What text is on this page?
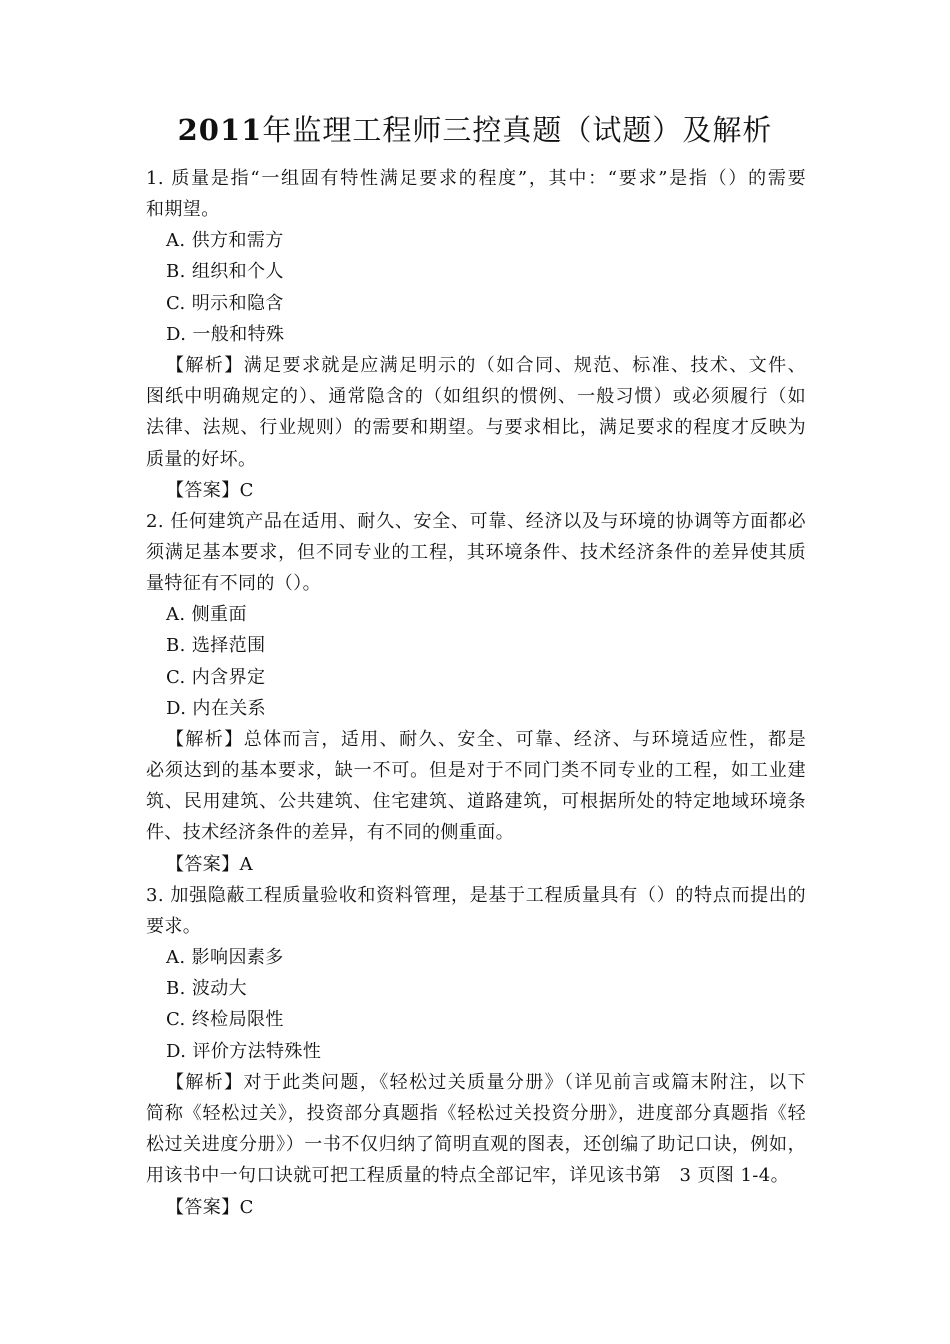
2011年监理工程师三控真题（试题）及解析
1. 质量是指“一组固有特性满足要求的程度”，其中：“要求”是指（）的需要
和期望。
A. 供方和需方
B. 组织和个人
C. 明示和隐含
D. 一般和特殊
【解析】满足要求就是应满足明示的（如合同、规范、标准、技术、文件、
图纸中明确规定的）、通常隐含的（如组织的惯例、一般习惯）或必须履行（如
法律、法规、行业规则）的需要和期望。与要求相比，满足要求的程度才反映为
质量的好坏。
【答案】C
2. 任何建筑产品在适用、耐久、安全、可靠、经济以及与环境的协调等方面都必
须满足基本要求，但不同专业的工程，其环境条件、技术经济条件的差异使其质
量特征有不同的（）。
A. 侧重面
B. 选择范围
C. 内含界定
D. 内在关系
【解析】总体而言，适用、耐久、安全、可靠、经济、与环境适应性，都是
必须达到的基本要求，缺一不可。但是对于不同门类不同专业的工程，如工业建
筑、民用建筑、公共建筑、住宅建筑、道路建筑，可根据所处的特定地域环境条
件、技术经济条件的差异，有不同的侧重面。
【答案】A
3. 加强隐蔽工程质量验收和资料管理，是基于工程质量具有（）的特点而提出的
要求。
A. 影响因素多
B. 波动大
C. 终检局限性
D. 评价方法特殊性
【解析】对于此类问题，《轻松过关质量分册》（详见前言或篇末附注，以下
简称《轻松过关》，投资部分真题指《轻松过关投资分册》，进度部分真题指《轻
松过关进度分册》）一书不仅归纳了简明直观的图表，还创编了助记口诀，例如，
用该书中一句口诀就可把工程质量的特点全部记牢，详见该书第   3 页图 1-4。
【答案】C
